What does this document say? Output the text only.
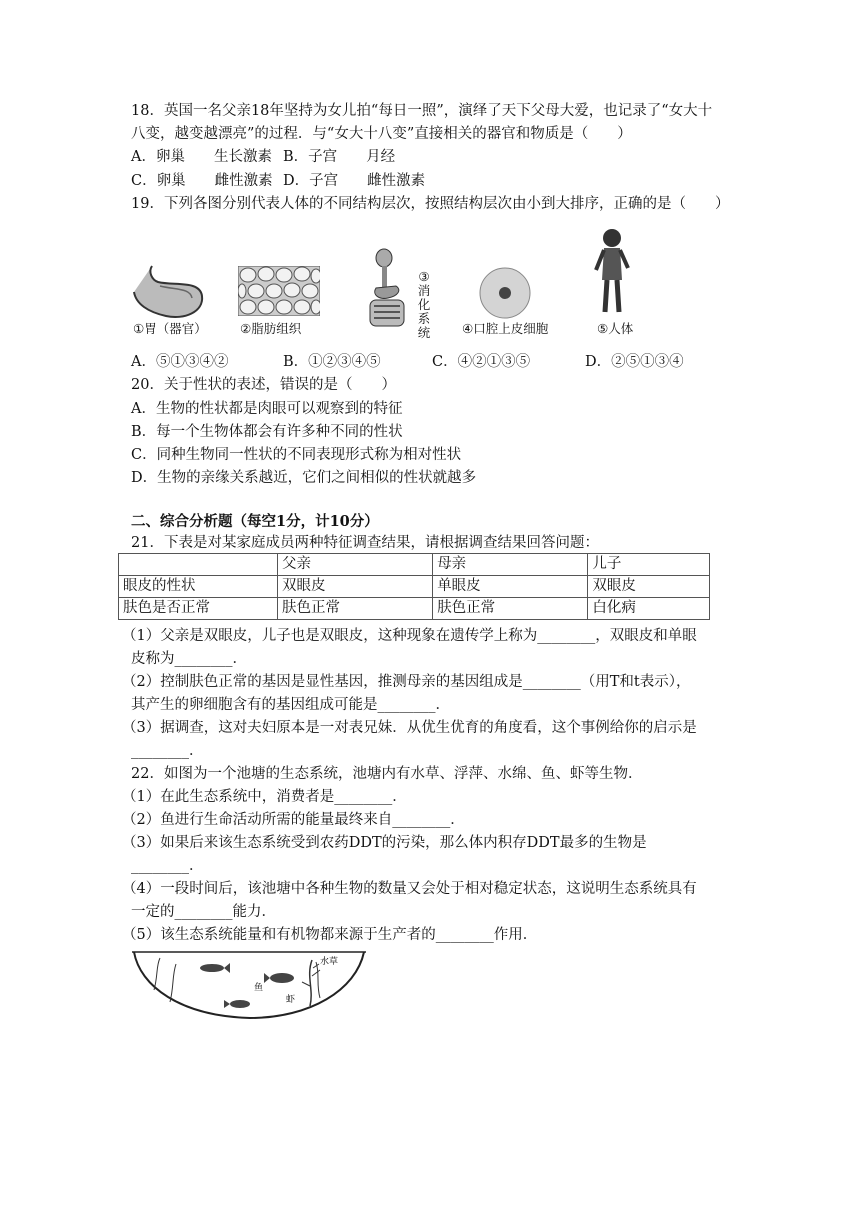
18．英国一名父亲18年坚持为女儿拍“每日一照”，演绎了天下父母大爱，也记录了“女大十
八变，越变越漂亮”的过程．与“女大十八变”直接相关的器官和物质是（　　）
A．卵巢　　生长激素 B．子宫　　月经
C．卵巢　　雌性激素 D．子宫　　雌性激素
19．下列各图分别代表人体的不同结构层次，按照结构层次由小到大排序，正确的是（　　）
①胃（器官）	②脂肪组织
③消化系统	④口腔上皮细胞	⑤人体
A．⑤①③④②	B．①②③④⑤	C．④②①③⑤	D．②⑤①③④
20．关于性状的表述，错误的是（　　）
A．生物的性状都是肉眼可以观察到的特征
B．每一个生物体都会有许多种不同的性状
C．同种生物同一性状的不同表现形式称为相对性状
D．生物的亲缘关系越近，它们之间相似的性状就越多
二、综合分析题（每空1分，计10分）
21．下表是对某家庭成员两种特征调查结果，请根据调查结果回答问题：
	父亲	母亲	儿子
眼皮的性状	双眼皮	单眼皮	双眼皮
肤色是否正常	肤色正常	肤色正常	白化病
（1）父亲是双眼皮，儿子也是双眼皮，这种现象在遗传学上称为________，双眼皮和单眼
皮称为________．
（2）控制肤色正常的基因是显性基因，推测母亲的基因组成是________（用T和t表示），
其产生的卵细胞含有的基因组成可能是________．
（3）据调查，这对夫妇原本是一对表兄妹．从优生优育的角度看，这个事例给你的启示是
________．
22．如图为一个池塘的生态系统，池塘内有水草、浮萍、水绵、鱼、虾等生物．
（1）在此生态系统中，消费者是________．
（2）鱼进行生命活动所需的能量最终来自________．
（3）如果后来该生态系统受到农药DDT的污染，那么体内积存DDT最多的生物是
________．
（4）一段时间后，该池塘中各种生物的数量又会处于相对稳定状态，这说明生态系统具有
一定的________能力．
（5）该生态系统能量和有机物都来源于生产者的________作用．
鱼
水草
虾
